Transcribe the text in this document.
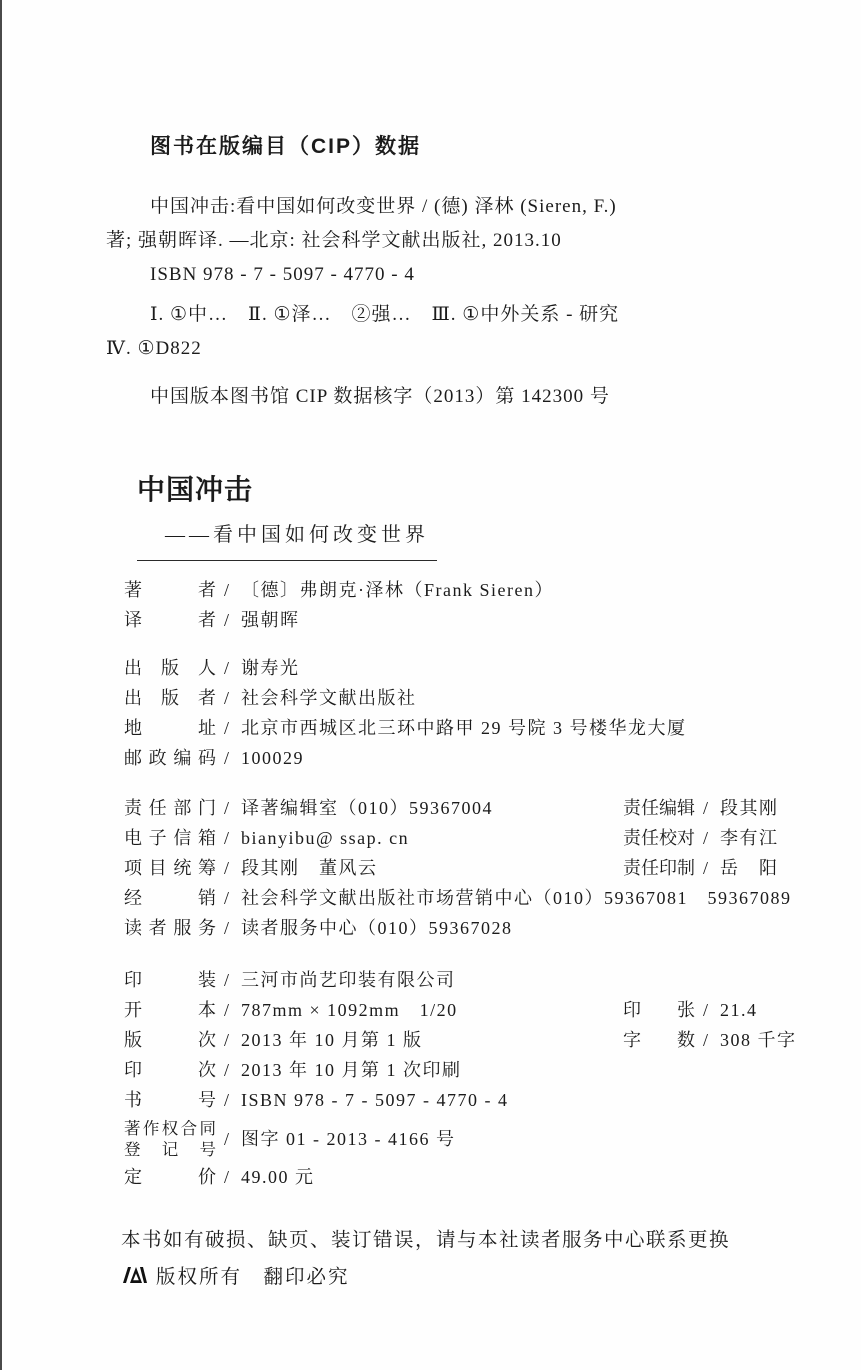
图书在版编目（CIP）数据

中国冲击:看中国如何改变世界 / (德) 泽林 (Sieren, F.)

著; 强朝晖译. —北京: 社会科学文献出版社, 2013.10

ISBN 978 - 7 - 5097 - 4770 - 4

Ⅰ. ①中…　Ⅱ. ①泽…　②强…　Ⅲ. ①中外关系 - 研究

Ⅳ. ①D822

中国版本图书馆 CIP 数据核字（2013）第 142300 号

中国冲击
——看中国如何改变世界
著者 / 〔德〕弗朗克·泽林（Frank Sieren）
译者 / 强朝晖
出版人 / 谢寿光
出版者 / 社会科学文献出版社
地址 / 北京市西城区北三环中路甲 29 号院 3 号楼华龙大厦
邮政编码 / 100029
责任部门 / 译著编辑室（010）59367004	责任编辑 / 段其刚
电子信箱 / bianyibu@ ssap. cn	责任校对 / 李有江
项目统筹 / 段其刚　董风云	责任印制 / 岳　阳
经销 / 社会科学文献出版社市场营销中心（010）59367081　59367089
读者服务 / 读者服务中心（010）59367028
印装 / 三河市尚艺印装有限公司
开本 / 787mm × 1092mm　1/20	印张 / 21.4
版次 / 2013 年 10 月第 1 版	字数 / 308 千字
印次 / 2013 年 10 月第 1 次印刷
书号 / ISBN 978 - 7 - 5097 - 4770 - 4
著作权合同
登记号
/ 图字 01 - 2013 - 4166 号
定价 / 49.00 元

本书如有破损、缺页、装订错误，请与本社读者服务中心联系更换

版权所有　翻印必究
